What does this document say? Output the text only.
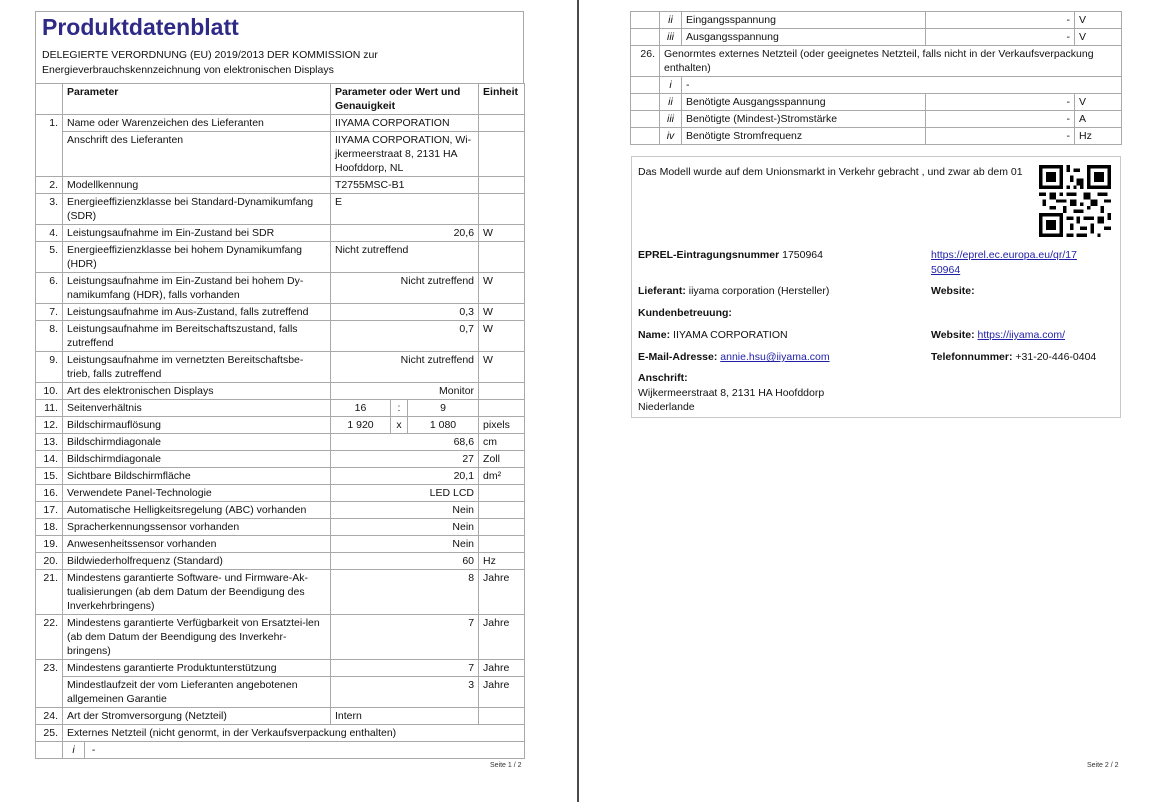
Produktdatenblatt
DELEGIERTE VERORDNUNG (EU) 2019/2013 DER KOMMISSION zur
Energieverbrauchskennzeichnung von elektronischen Displays
	Parameter	Parameter oder Wert und Genauigkeit			Einheit
1.	Name oder Warenzeichen des Lieferanten	IIYAMA CORPORATION			
	Anschrift des Lieferanten	IIYAMA CORPORATION, Wi-jkermeerstraat 8, 2131 HA Hoofddorp, NL			
2.	Modellkennung	T2755MSC-B1			
3.	Energieeffizienzklasse bei Standard-Dynamikumfang (SDR)	E			
4.	Leistungsaufnahme im Ein-Zustand bei SDR	20,6			W
5.	Energieeffizienzklasse bei hohem Dynamikumfang (HDR)	Nicht zutreffend			
6.	Leistungsaufnahme im Ein-Zustand bei hohem Dy-namikumfang (HDR), falls vorhanden	Nicht zutreffend			W
7.	Leistungsaufnahme im Aus-Zustand, falls zutreffend	0,3			W
8.	Leistungsaufnahme im Bereitschaftszustand, falls zutreffend	0,7			W
9.	Leistungsaufnahme im vernetzten Bereitschaftsbe-trieb, falls zutreffend	Nicht zutreffend			W
10.	Art des elektronischen Displays	Monitor			
11.	Seitenverhältnis	16	:	9	
12.	Bildschirmauflösung	1 920	x	1 080	pixels
13.	Bildschirmdiagonale	68,6			cm
14.	Bildschirmdiagonale	27			Zoll
15.	Sichtbare Bildschirmfläche	20,1			dm²
16.	Verwendete Panel-Technologie	LED LCD			
17.	Automatische Helligkeitsregelung (ABC) vorhanden	Nein			
18.	Spracherkennungssensor vorhanden	Nein			
19.	Anwesenheitssensor vorhanden	Nein			
20.	Bildwiederholfrequenz (Standard)	60			Hz
21.	Mindestens garantierte Software- und Firmware-Ak-tualisierungen (ab dem Datum der Beendigung des Inverkehrbringens)	8			Jahre
22.	Mindestens garantierte Verfügbarkeit von Ersatztei-len (ab dem Datum der Beendigung des Inverkehr-bringens)	7			Jahre
23.	Mindestens garantierte Produktunterstützung	7			Jahre
	Mindestlaufzeit der vom Lieferanten angebotenen allgemeinen Garantie	3			Jahre
24.	Art der Stromversorgung (Netzteil)	Intern			
25.	Externes Netzteil (nicht genormt, in der Verkaufsverpackung enthalten)				
	i -				
Seite 1 / 2
	ii	Eingangsspannung	-	V
	iii	Ausgangsspannung	-	V
26.	Genormtes externes Netzteil (oder geeignetes Netzteil, falls nicht in der Verkaufsverpackung enthalten)			
	i	-		
	ii	Benötigte Ausgangsspannung	-	V
	iii	Benötigte (Mindest-)Stromstärke	-	A
	iv	Benötigte Stromfrequenz	-	Hz
Das Modell wurde auf dem Unionsmarkt in Verkehr gebracht , und zwar ab dem 01
EPREL-Eintragungsnummer 1750964	https://eprel.ec.europa.eu/qr/17
50964
Lieferant: iiyama corporation (Hersteller)	Website:
Kundenbetreuung:
Name: IIYAMA CORPORATION	Website: https://iiyama.com/
E-Mail-Adresse: annie.hsu@iiyama.com	Telefonnummer: +31-20-446-0404
Anschrift:
Wijkermeerstraat 8, 2131 HA Hoofddorp
Niederlande
Seite 2 / 2
